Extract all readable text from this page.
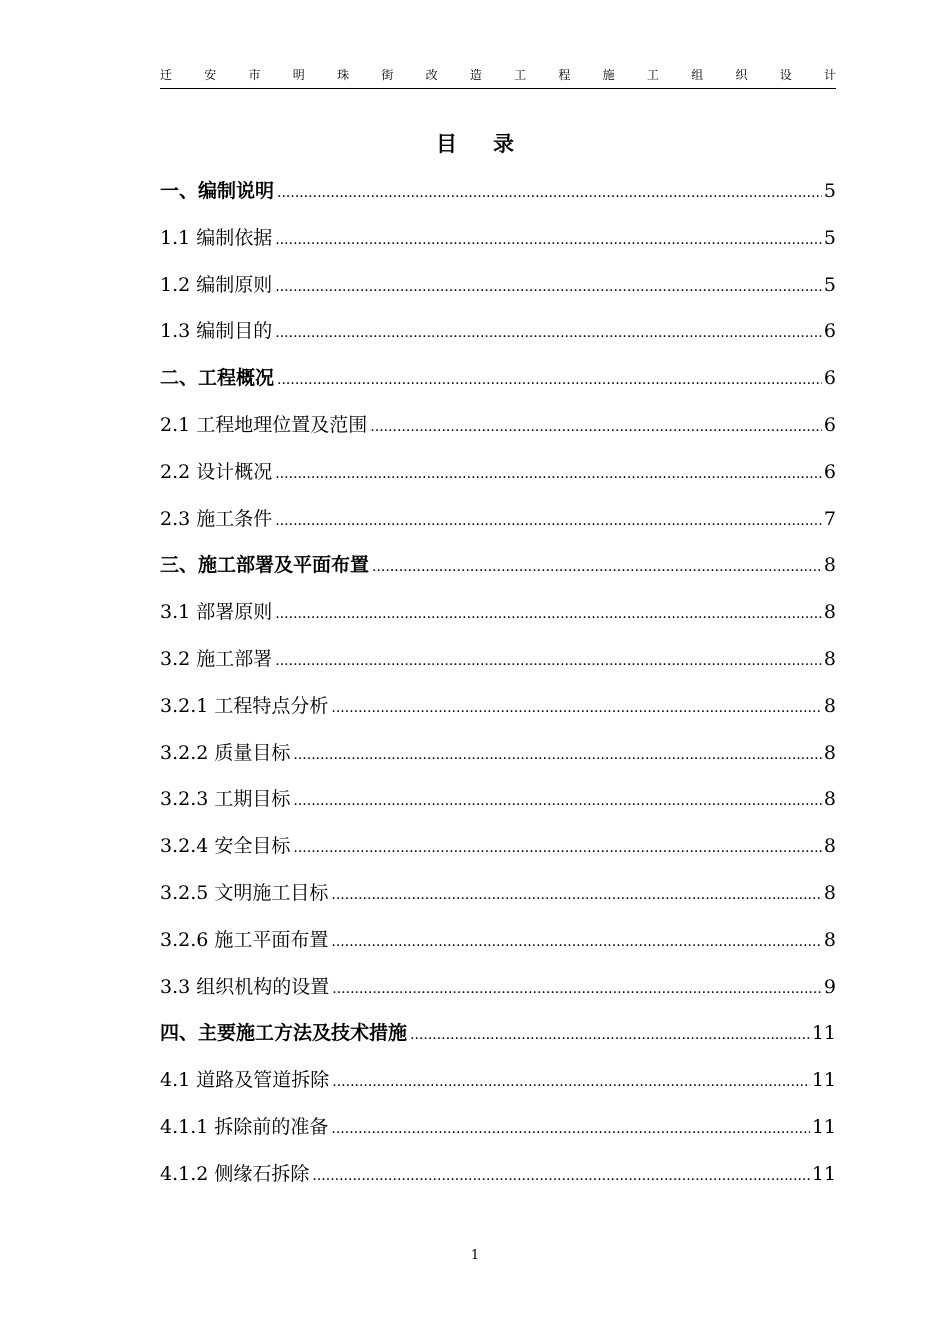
迁	安	市	明	珠	街	改	造	工	程	施	工	组	织	设	计
目录
一、编制说明 .....	5
1.1 编制依据 .....	5
1.2 编制原则 .....	5
1.3 编制目的 .....	6
二、工程概况 .....	6
2.1 工程地理位置及范围 .....	6
2.2 设计概况 .....	6
2.3 施工条件 .....	7
三、施工部署及平面布置 .....	8
3.1 部署原则 .....	8
3.2 施工部署 .....	8
3.2.1 工程特点分析 .....	8
3.2.2 质量目标 .....	8
3.2.3 工期目标 .....	8
3.2.4 安全目标 .....	8
3.2.5 文明施工目标 .....	8
3.2.6 施工平面布置 .....	8
3.3 组织机构的设置 .....	9
四、主要施工方法及技术措施 .....	11
4.1 道路及管道拆除 .....	11
4.1.1 拆除前的准备 .....	11
4.1.2 侧缘石拆除 .....	11
1
